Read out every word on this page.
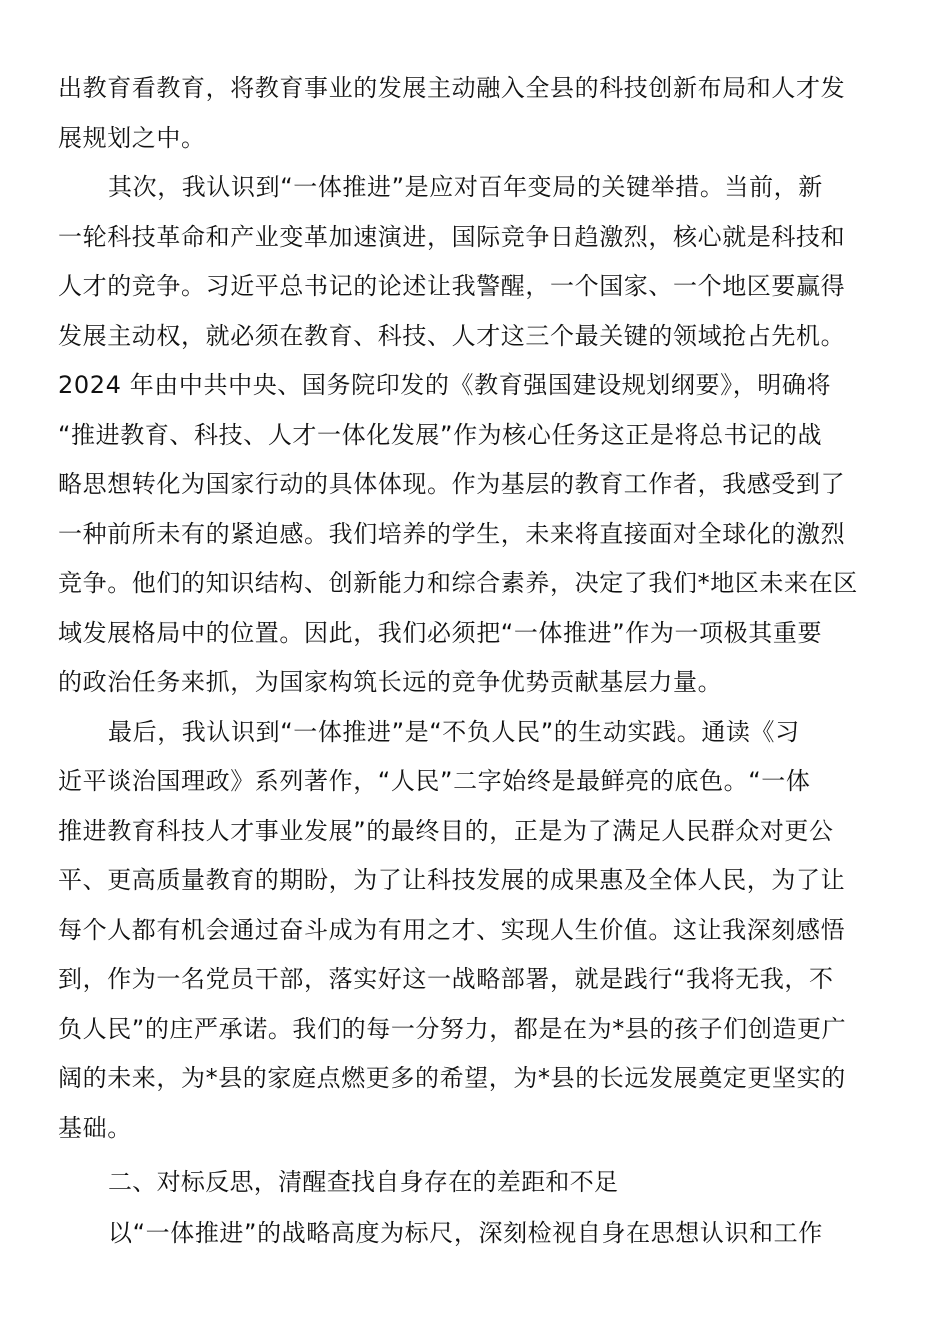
出教育看教育，将教育事业的发展主动融入全县的科技创新布局和人才发
展规划之中。
其次，我认识到“一体推进”是应对百年变局的关键举措。当前，新
一轮科技革命和产业变革加速演进，国际竞争日趋激烈，核心就是科技和
人才的竞争。习近平总书记的论述让我警醒，一个国家、一个地区要赢得
发展主动权，就必须在教育、科技、人才这三个最关键的领域抢占先机。
2024 年由中共中央、国务院印发的《教育强国建设规划纲要》，明确将
“推进教育、科技、人才一体化发展”作为核心任务这正是将总书记的战
略思想转化为国家行动的具体体现。作为基层的教育工作者，我感受到了
一种前所未有的紧迫感。我们培养的学生，未来将直接面对全球化的激烈
竞争。他们的知识结构、创新能力和综合素养，决定了我们*地区未来在区
域发展格局中的位置。因此，我们必须把“一体推进”作为一项极其重要
的政治任务来抓，为国家构筑长远的竞争优势贡献基层力量。
最后，我认识到“一体推进”是“不负人民”的生动实践。通读《习
近平谈治国理政》系列著作，“人民”二字始终是最鲜亮的底色。“一体
推进教育科技人才事业发展”的最终目的，正是为了满足人民群众对更公
平、更高质量教育的期盼，为了让科技发展的成果惠及全体人民，为了让
每个人都有机会通过奋斗成为有用之才、实现人生价值。这让我深刻感悟
到，作为一名党员干部，落实好这一战略部署，就是践行“我将无我，不
负人民”的庄严承诺。我们的每一分努力，都是在为*县的孩子们创造更广
阔的未来，为*县的家庭点燃更多的希望，为*县的长远发展奠定更坚实的
基础。
二、对标反思，清醒查找自身存在的差距和不足
以“一体推进”的战略高度为标尺，深刻检视自身在思想认识和工作
